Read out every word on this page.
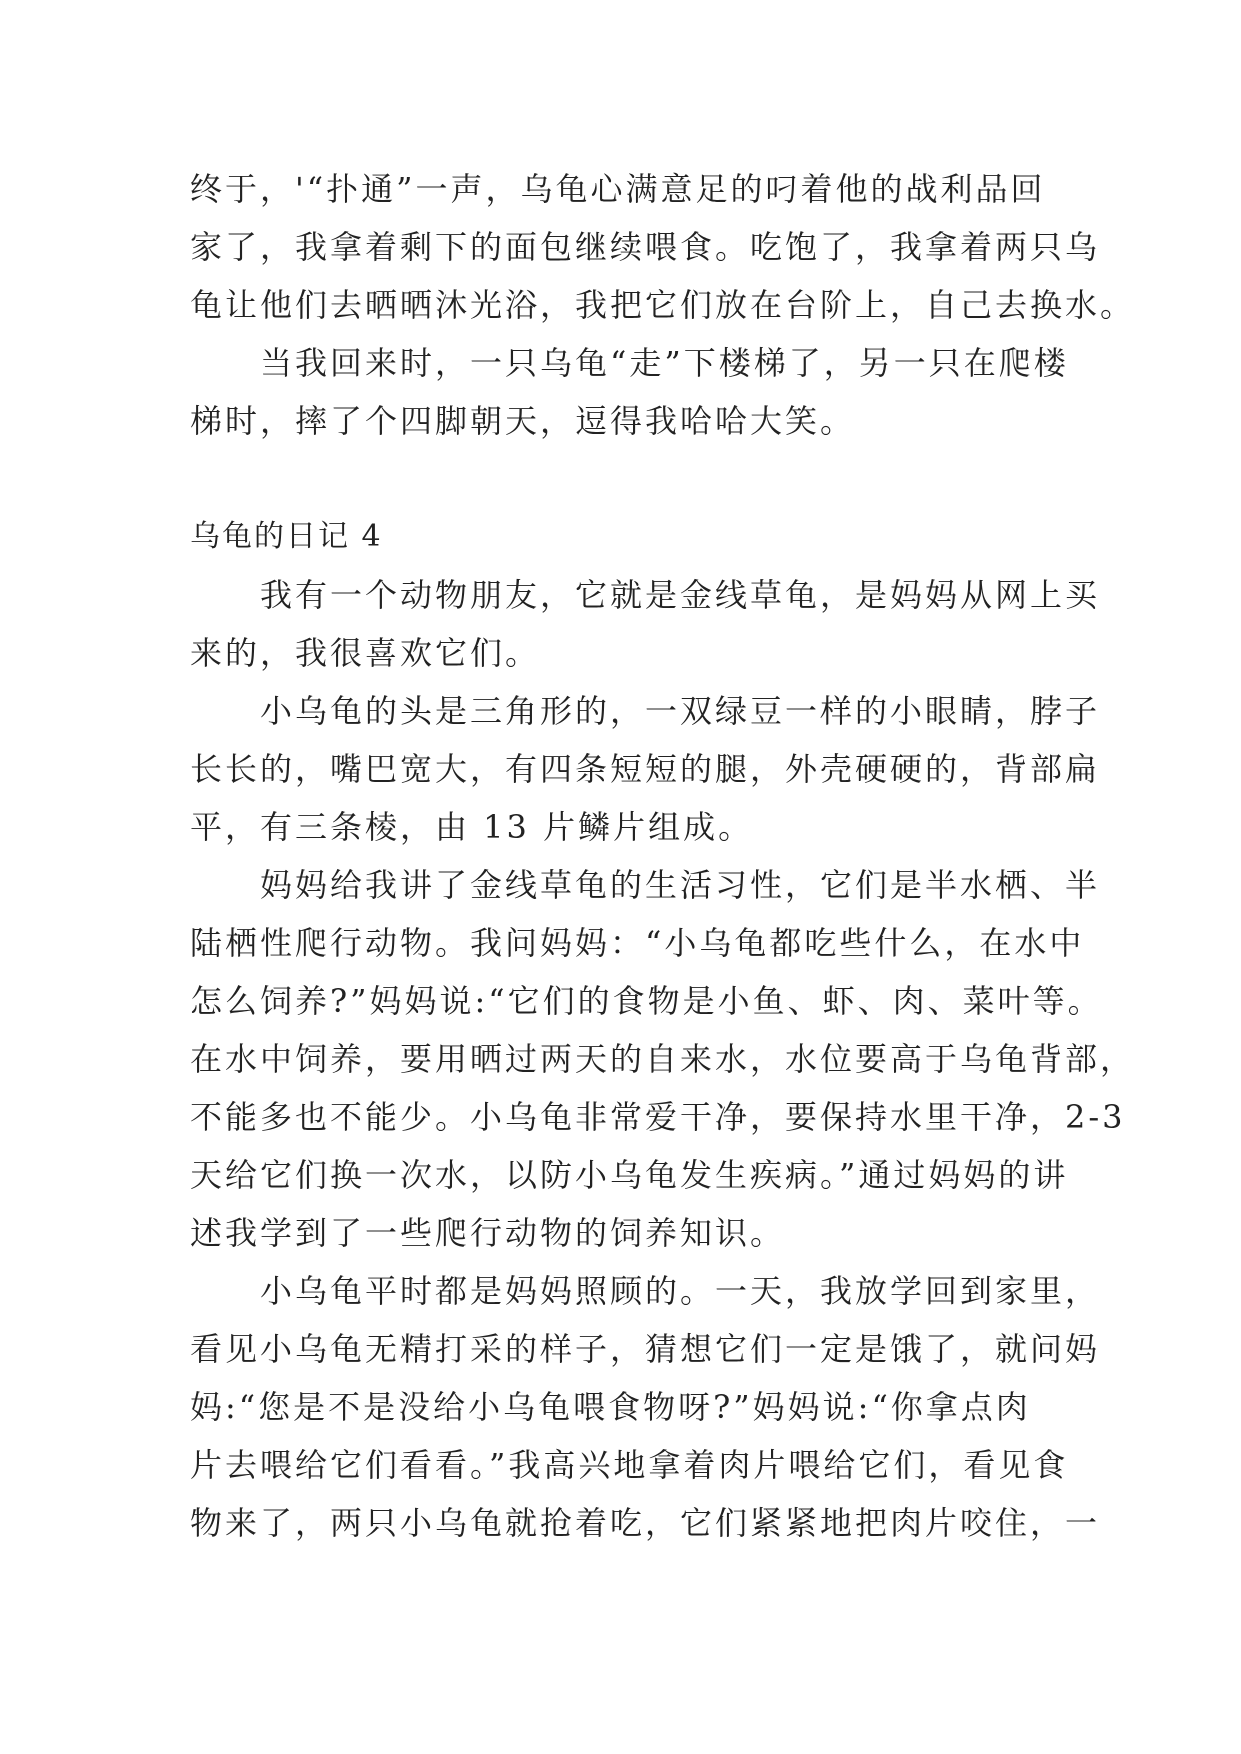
终于，'“扑通”一声，乌龟心满意足的叼着他的战利品回
家了，我拿着剩下的面包继续喂食。吃饱了，我拿着两只乌
龟让他们去晒晒沐光浴，我把它们放在台阶上，自己去换水。
　　当我回来时，一只乌龟“走”下楼梯了，另一只在爬楼
梯时，摔了个四脚朝天，逗得我哈哈大笑。
乌龟的日记 4
　　我有一个动物朋友，它就是金线草龟，是妈妈从网上买
来的，我很喜欢它们。
　　小乌龟的头是三角形的，一双绿豆一样的小眼睛，脖子
长长的，嘴巴宽大，有四条短短的腿，外壳硬硬的，背部扁
平，有三条棱，由 13 片鳞片组成。
　　妈妈给我讲了金线草龟的生活习性，它们是半水栖、半
陆栖性爬行动物。我问妈妈：“小乌龟都吃些什么，在水中
怎么饲养?”妈妈说:“它们的食物是小鱼、虾、肉、菜叶等。
在水中饲养，要用晒过两天的自来水，水位要高于乌龟背部，
不能多也不能少。小乌龟非常爱干净，要保持水里干净，2-3
天给它们换一次水，以防小乌龟发生疾病。”通过妈妈的讲
述我学到了一些爬行动物的饲养知识。
　　小乌龟平时都是妈妈照顾的。一天，我放学回到家里，
看见小乌龟无精打采的样子，猜想它们一定是饿了，就问妈
妈:“您是不是没给小乌龟喂食物呀?”妈妈说:“你拿点肉
片去喂给它们看看。”我高兴地拿着肉片喂给它们，看见食
物来了，两只小乌龟就抢着吃，它们紧紧地把肉片咬住，一
